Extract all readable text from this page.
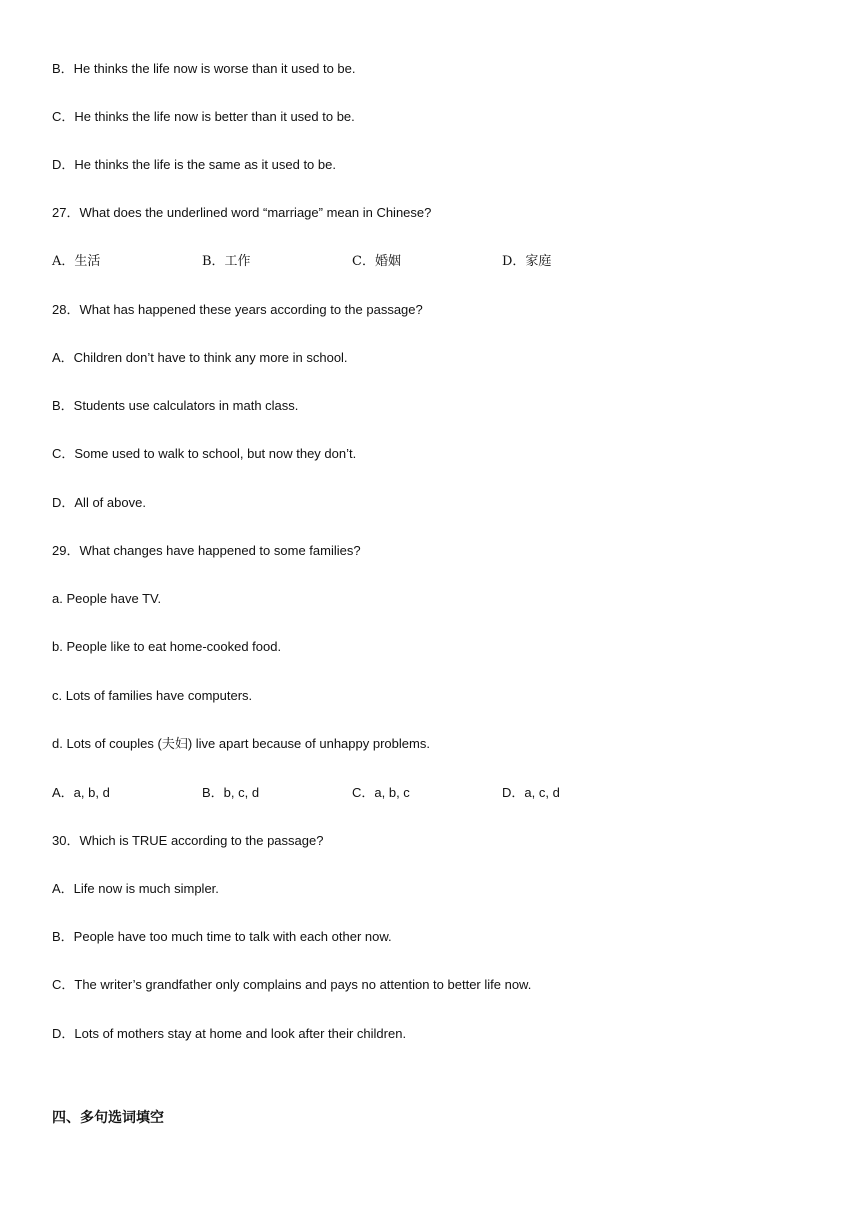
B．He thinks the life now is worse than it used to be.
C．He thinks the life now is better than it used to be.
D．He thinks the life is the same as it used to be.
27．What does the underlined word “marriage” mean in Chinese?
A．生活	B．工作	C．婚姻	D．家庭
28．What has happened these years according to the passage?
A．Children don’t have to think any more in school.
B．Students use calculators in math class.
C．Some used to walk to school, but now they don’t.
D．All of above.
29．What changes have happened to some families?
a. People have TV.
b. People like to eat home-cooked food.
c. Lots of families have computers.
d. Lots of couples (夫妇) live apart because of unhappy problems.
A．a, b, d	B．b, c, d	C．a, b, c	D．a, c, d
30．Which is TRUE according to the passage?
A．Life now is much simpler.
B．People have too much time to talk with each other now.
C．The writer’s grandfather only complains and pays no attention to better life now.
D．Lots of mothers stay at home and look after their children.
四、多句选词填空
